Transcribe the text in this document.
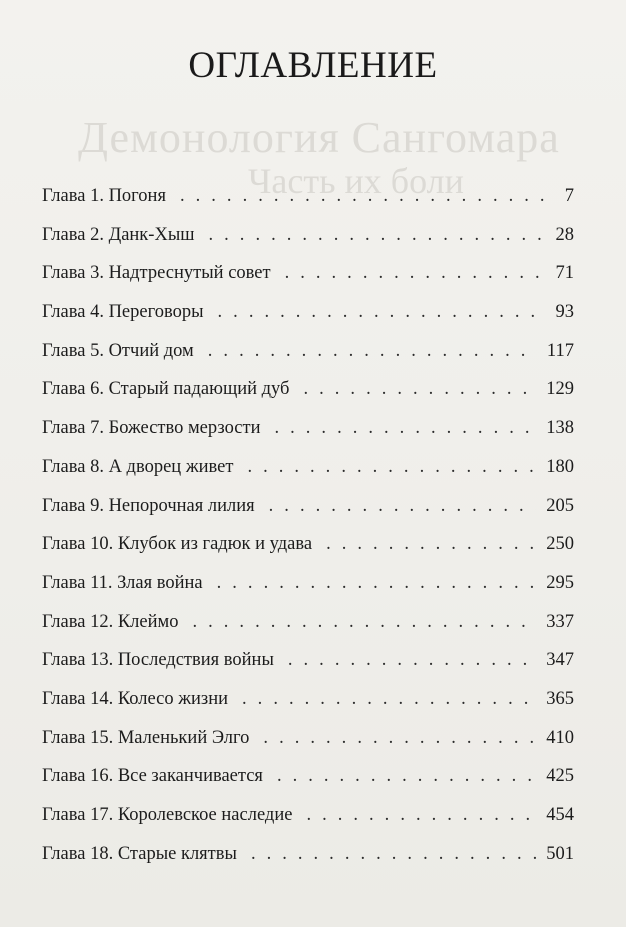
Демонология Сангомара
Часть их боли
ОГЛАВЛЕНИЕ
Глава 1. Погоня . . .	7
Глава 2. Данк-Хыш . . .	28
Глава 3. Надтреснутый совет . . .	71
Глава 4. Переговоры . . .	93
Глава 5. Отчий дом . . .	117
Глава 6. Старый падающий дуб . . .	129
Глава 7. Божество мерзости . . .	138
Глава 8. А дворец живет . . .	180
Глава 9. Непорочная лилия . . .	205
Глава 10. Клубок из гадюк и удава . . .	250
Глава 11. Злая война . . .	295
Глава 12. Клеймо . . .	337
Глава 13. Последствия войны . . .	347
Глава 14. Колесо жизни . . .	365
Глава 15. Маленький Элго . . .	410
Глава 16. Все заканчивается . . .	425
Глава 17. Королевское наследие . . .	454
Глава 18. Старые клятвы . . .	501
